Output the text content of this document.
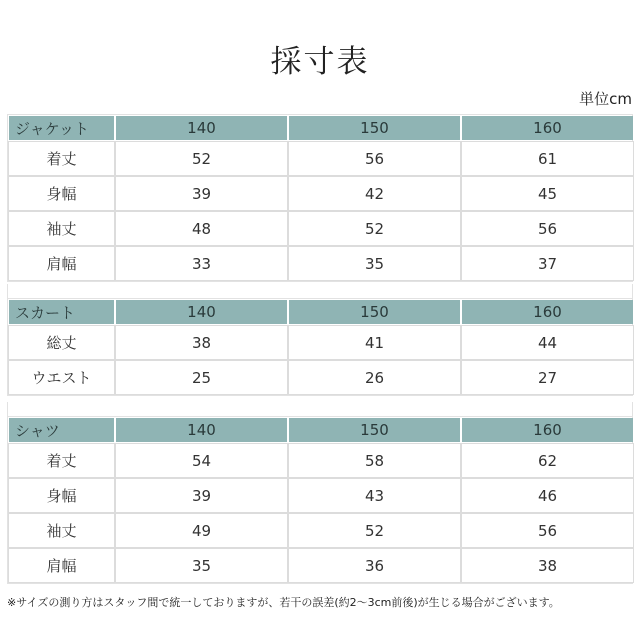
採寸表
単位cm
ジャケット	140	150	160
着丈	52	56	61
身幅	39	42	45
袖丈	48	52	56
肩幅	33	35	37
スカート	140	150	160
総丈	38	41	44
ウエスト	25	26	27
シャツ	140	150	160
着丈	54	58	62
身幅	39	43	46
袖丈	49	52	56
肩幅	35	36	38
※サイズの測り方はスタッフ間で統一しておりますが、若干の誤差(約2～3cm前後)が生じる場合がございます。
